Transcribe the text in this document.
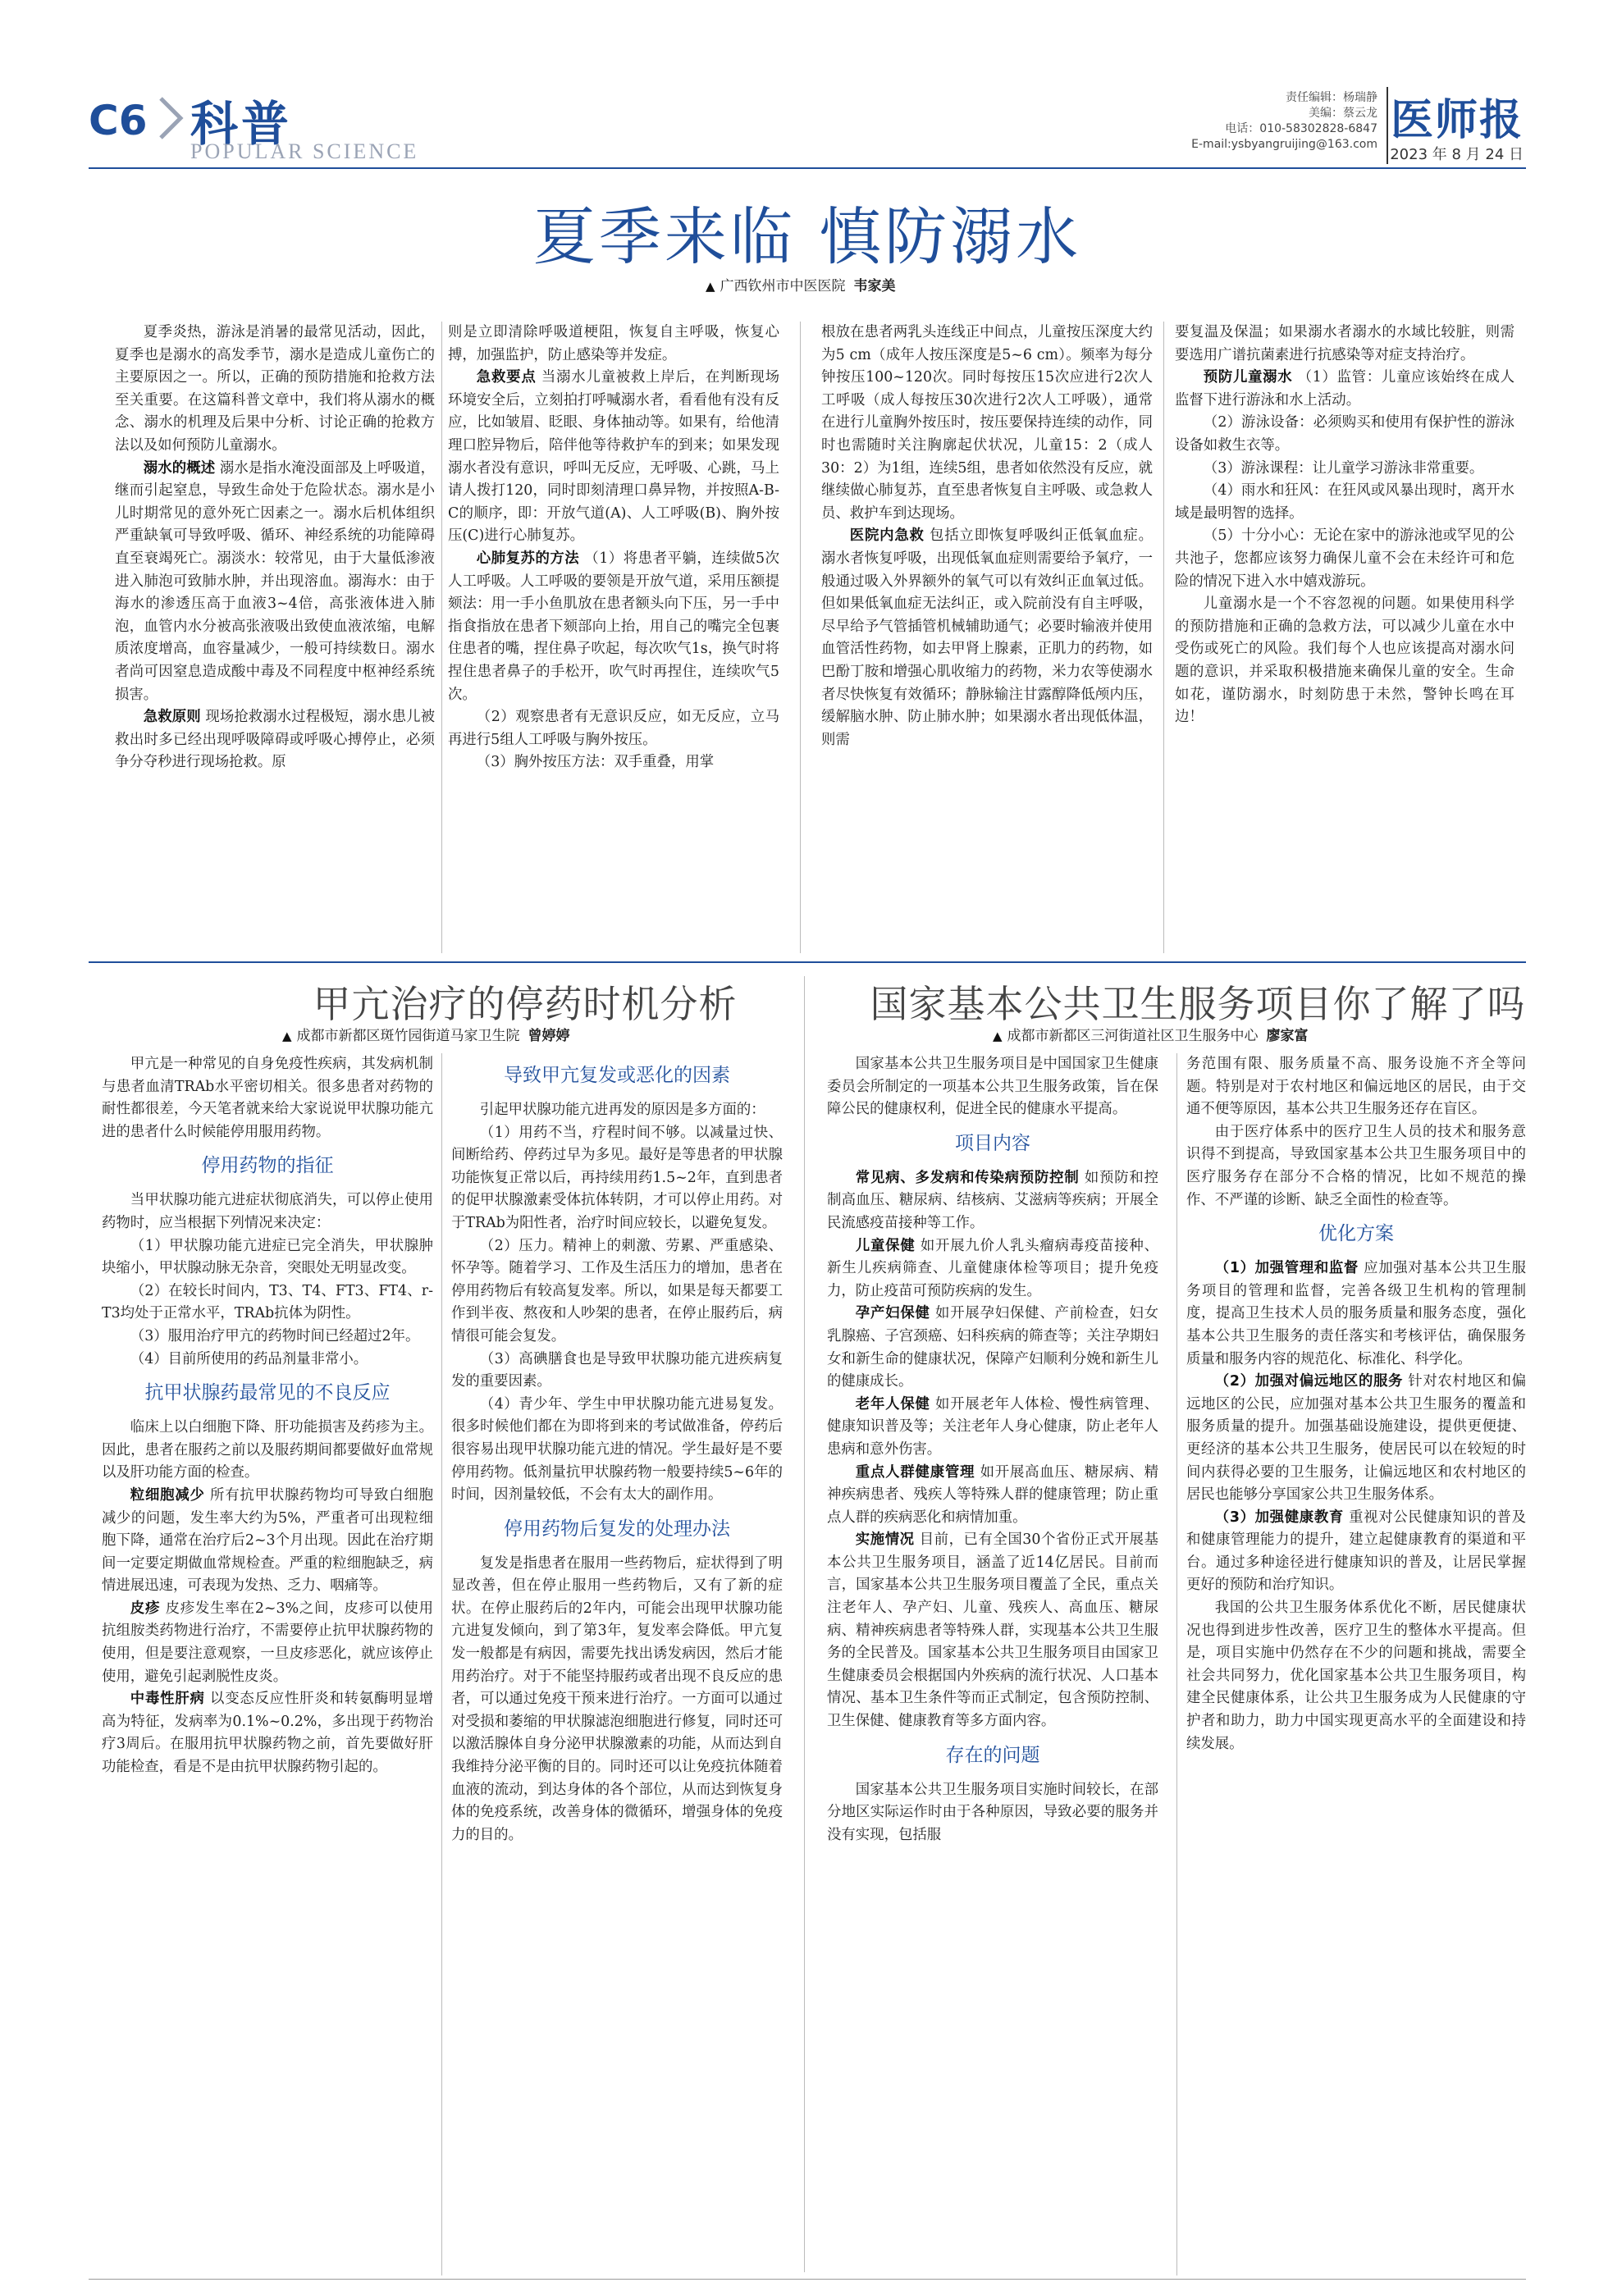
C6 科普
POPULAR SCIENCE
责任编辑：杨瑞静
美编：蔡云龙
电话：010-58302828-6847
E-mail:ysbyangruijing@163.com 医师报
2023 年 8 月 24 日
夏季来临 慎防溺水
▲ 广西钦州市中医医院 韦家美

夏季炎热，游泳是消暑的最常见活动，因此，夏季也是溺水的高发季节，溺水是造成儿童伤亡的主要原因之一。所以，正确的预防措施和抢救方法至关重要。在这篇科普文章中，我们将从溺水的概念、溺水的机理及后果中分析、讨论正确的抢救方法以及如何预防儿童溺水。

溺水的概述 溺水是指水淹没面部及上呼吸道，继而引起窒息，导致生命处于危险状态。溺水是小儿时期常见的意外死亡因素之一。溺水后机体组织严重缺氧可导致呼吸、循环、神经系统的功能障碍直至衰竭死亡。溺淡水：较常见，由于大量低渗液进入肺泡可致肺水肿，并出现溶血。溺海水：由于海水的渗透压高于血液3~4倍，高张液体进入肺泡，血管内水分被高张液吸出致使血液浓缩，电解质浓度增高，血容量减少，一般可持续数日。溺水者尚可因窒息造成酸中毒及不同程度中枢神经系统损害。

急救原则 现场抢救溺水过程极短，溺水患儿被救出时多已经出现呼吸障碍或呼吸心搏停止，必须争分夺秒进行现场抢救。原

则是立即清除呼吸道梗阻，恢复自主呼吸，恢复心搏，加强监护，防止感染等并发症。

急救要点 当溺水儿童被救上岸后，在判断现场环境安全后，立刻拍打呼喊溺水者，看看他有没有反应，比如皱眉、眨眼、身体抽动等。如果有，给他清理口腔异物后，陪伴他等待救护车的到来；如果发现溺水者没有意识，呼叫无反应，无呼吸、心跳，马上请人拨打120，同时即刻清理口鼻异物，并按照A-B-C的顺序，即：开放气道(A)、人工呼吸(B)、胸外按压(C)进行心肺复苏。

心肺复苏的方法 （1）将患者平躺，连续做5次人工呼吸。人工呼吸的要领是开放气道，采用压额提颏法：用一手小鱼肌放在患者额头向下压，另一手中指食指放在患者下颏部向上抬，用自己的嘴完全包裹住患者的嘴，捏住鼻子吹起，每次吹气1s，换气时将捏住患者鼻子的手松开，吹气时再捏住，连续吹气5次。

（2）观察患者有无意识反应，如无反应，立马再进行5组人工呼吸与胸外按压。

（3）胸外按压方法：双手重叠，用掌

根放在患者两乳头连线正中间点，儿童按压深度大约为5 cm（成年人按压深度是5~6 cm）。频率为每分钟按压100~120次。同时每按压15次应进行2次人工呼吸（成人每按压30次进行2次人工呼吸），通常在进行儿童胸外按压时，按压要保持连续的动作，同时也需随时关注胸廓起伏状况，儿童15：2（成人30：2）为1组，连续5组，患者如依然没有反应，就继续做心肺复苏，直至患者恢复自主呼吸、或急救人员、救护车到达现场。

医院内急救 包括立即恢复呼吸纠正低氧血症。溺水者恢复呼吸，出现低氧血症则需要给予氧疗，一般通过吸入外界额外的氧气可以有效纠正血氧过低。但如果低氧血症无法纠正，或入院前没有自主呼吸，尽早给予气管插管机械辅助通气；必要时输液并使用血管活性药物，如去甲肾上腺素，正肌力的药物，如巴酚丁胺和增强心肌收缩力的药物，米力农等使溺水者尽快恢复有效循环；静脉输注甘露醇降低颅内压，缓解脑水肿、防止肺水肿；如果溺水者出现低体温，则需

要复温及保温；如果溺水者溺水的水域比较脏，则需要选用广谱抗菌素进行抗感染等对症支持治疗。

预防儿童溺水 （1）监管：儿童应该始终在成人监督下进行游泳和水上活动。

（2）游泳设备：必须购买和使用有保护性的游泳设备如救生衣等。

（3）游泳课程：让儿童学习游泳非常重要。

（4）雨水和狂风：在狂风或风暴出现时，离开水域是最明智的选择。

（5）十分小心：无论在家中的游泳池或罕见的公共池子，您都应该努力确保儿童不会在未经许可和危险的情况下进入水中嬉戏游玩。

儿童溺水是一个不容忽视的问题。如果使用科学的预防措施和正确的急救方法，可以减少儿童在水中受伤或死亡的风险。我们每个人也应该提高对溺水问题的意识，并采取积极措施来确保儿童的安全。生命如花，谨防溺水，时刻防患于未然，警钟长鸣在耳边！

甲亢治疗的停药时机分析
▲ 成都市新都区斑竹园街道马家卫生院 曾婷婷

甲亢是一种常见的自身免疫性疾病，其发病机制与患者血清TRAb水平密切相关。很多患者对药物的耐性都很差，今天笔者就来给大家说说甲状腺功能亢进的患者什么时候能停用服用药物。

停用药物的指征

当甲状腺功能亢进症状彻底消失，可以停止使用药物时，应当根据下列情况来决定：

（1）甲状腺功能亢进症已完全消失，甲状腺肿块缩小，甲状腺动脉无杂音，突眼处无明显改变。

（2）在较长时间内，T3、T4、FT3、FT4、r-T3均处于正常水平，TRAb抗体为阴性。

（3）服用治疗甲亢的药物时间已经超过2年。

（4）目前所使用的药品剂量非常小。

抗甲状腺药最常见的不良反应

临床上以白细胞下降、肝功能损害及药疹为主。因此，患者在服药之前以及服药期间都要做好血常规以及肝功能方面的检查。

粒细胞减少 所有抗甲状腺药物均可导致白细胞减少的问题，发生率大约为5%，严重者可出现粒细胞下降，通常在治疗后2~3个月出现。因此在治疗期间一定要定期做血常规检查。严重的粒细胞缺乏，病情进展迅速，可表现为发热、乏力、咽痛等。

皮疹 皮疹发生率在2~3%之间，皮疹可以使用抗组胺类药物进行治疗，不需要停止抗甲状腺药物的使用，但是要注意观察，一旦皮疹恶化，就应该停止使用，避免引起剥脱性皮炎。

中毒性肝病 以变态反应性肝炎和转氨酶明显增高为特征，发病率为0.1%~0.2%，多出现于药物治疗3周后。在服用抗甲状腺药物之前，首先要做好肝功能检查，看是不是由抗甲状腺药物引起的。

导致甲亢复发或恶化的因素

引起甲状腺功能亢进再发的原因是多方面的：

（1）用药不当，疗程时间不够。以减量过快、间断给药、停药过早为多见。最好是等患者的甲状腺功能恢复正常以后，再持续用药1.5~2年，直到患者的促甲状腺激素受体抗体转阴，才可以停止用药。对于TRAb为阳性者，治疗时间应较长，以避免复发。

（2）压力。精神上的刺激、劳累、严重感染、怀孕等。随着学习、工作及生活压力的增加，患者在停用药物后有较高复发率。所以，如果是每天都要工作到半夜、熬夜和人吵架的患者，在停止服药后，病情很可能会复发。

（3）高碘膳食也是导致甲状腺功能亢进疾病复发的重要因素。

（4）青少年、学生中甲状腺功能亢进易复发。很多时候他们都在为即将到来的考试做准备，停药后很容易出现甲状腺功能亢进的情况。学生最好是不要停用药物。低剂量抗甲状腺药物一般要持续5~6年的时间，因剂量较低，不会有太大的副作用。

停用药物后复发的处理办法

复发是指患者在服用一些药物后，症状得到了明显改善，但在停止服用一些药物后，又有了新的症状。在停止服药后的2年内，可能会出现甲状腺功能亢进复发倾向，到了第3年，复发率会降低。甲亢复发一般都是有病因，需要先找出诱发病因，然后才能用药治疗。对于不能坚持服药或者出现不良反应的患者，可以通过免疫干预来进行治疗。一方面可以通过对受损和萎缩的甲状腺滤泡细胞进行修复，同时还可以激活腺体自身分泌甲状腺激素的功能，从而达到自我维持分泌平衡的目的。同时还可以让免疫抗体随着血液的流动，到达身体的各个部位，从而达到恢复身体的免疫系统，改善身体的微循环，增强身体的免疫力的目的。

国家基本公共卫生服务项目你了解了吗
▲ 成都市新都区三河街道社区卫生服务中心 廖家富

国家基本公共卫生服务项目是中国国家卫生健康委员会所制定的一项基本公共卫生服务政策，旨在保障公民的健康权利，促进全民的健康水平提高。

项目内容

常见病、多发病和传染病预防控制 如预防和控制高血压、糖尿病、结核病、艾滋病等疾病；开展全民流感疫苗接种等工作。

儿童保健 如开展九价人乳头瘤病毒疫苗接种、新生儿疾病筛查、儿童健康体检等项目；提升免疫力，防止疫苗可预防疾病的发生。

孕产妇保健 如开展孕妇保健、产前检查，妇女乳腺癌、子宫颈癌、妇科疾病的筛查等；关注孕期妇女和新生命的健康状况，保障产妇顺利分娩和新生儿的健康成长。

老年人保健 如开展老年人体检、慢性病管理、健康知识普及等；关注老年人身心健康，防止老年人患病和意外伤害。

重点人群健康管理 如开展高血压、糖尿病、精神疾病患者、残疾人等特殊人群的健康管理；防止重点人群的疾病恶化和病情加重。

实施情况 目前，已有全国30个省份正式开展基本公共卫生服务项目，涵盖了近14亿居民。目前而言，国家基本公共卫生服务项目覆盖了全民，重点关注老年人、孕产妇、儿童、残疾人、高血压、糖尿病、精神疾病患者等特殊人群，实现基本公共卫生服务的全民普及。国家基本公共卫生服务项目由国家卫生健康委员会根据国内外疾病的流行状况、人口基本情况、基本卫生条件等而正式制定，包含预防控制、卫生保健、健康教育等多方面内容。

存在的问题

国家基本公共卫生服务项目实施时间较长，在部分地区实际运作时由于各种原因，导致必要的服务并没有实现，包括服

务范围有限、服务质量不高、服务设施不齐全等问题。特别是对于农村地区和偏远地区的居民，由于交通不便等原因，基本公共卫生服务还存在盲区。

由于医疗体系中的医疗卫生人员的技术和服务意识得不到提高，导致国家基本公共卫生服务项目中的医疗服务存在部分不合格的情况，比如不规范的操作、不严谨的诊断、缺乏全面性的检查等。

优化方案

（1）加强管理和监督 应加强对基本公共卫生服务项目的管理和监督，完善各级卫生机构的管理制度，提高卫生技术人员的服务质量和服务态度，强化基本公共卫生服务的责任落实和考核评估，确保服务质量和服务内容的规范化、标准化、科学化。

（2）加强对偏远地区的服务 针对农村地区和偏远地区的公民，应加强对基本公共卫生服务的覆盖和服务质量的提升。加强基础设施建设，提供更便捷、更经济的基本公共卫生服务，使居民可以在较短的时间内获得必要的卫生服务，让偏远地区和农村地区的居民也能够分享国家公共卫生服务体系。

（3）加强健康教育 重视对公民健康知识的普及和健康管理能力的提升，建立起健康教育的渠道和平台。通过多种途径进行健康知识的普及，让居民掌握更好的预防和治疗知识。

我国的公共卫生服务体系优化不断，居民健康状况也得到进步性改善，医疗卫生的整体水平提高。但是，项目实施中仍然存在不少的问题和挑战，需要全社会共同努力，优化国家基本公共卫生服务项目，构建全民健康体系，让公共卫生服务成为人民健康的守护者和助力，助力中国实现更高水平的全面建设和持续发展。
